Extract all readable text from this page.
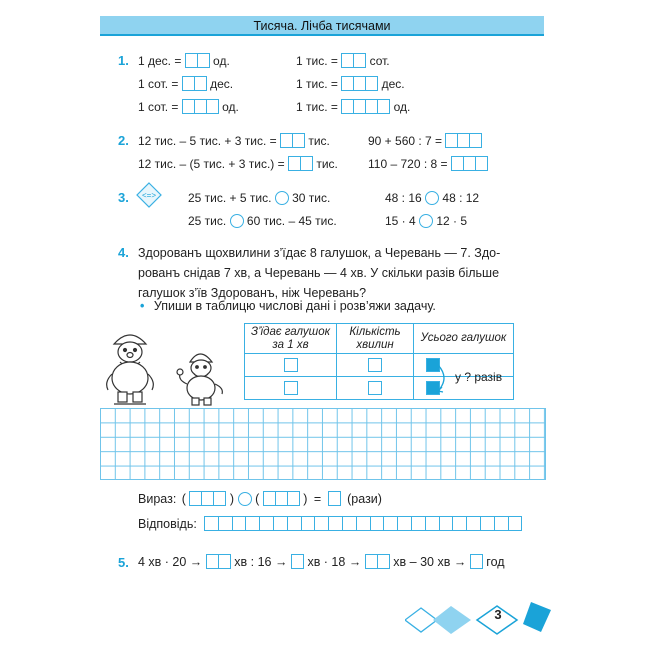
Тисяча. Лічба тисячами
1. 1 дес. =	од.	1 тис. =	сот.
1 сот. =	дес.	1 тис. =	дес.
1 сот. =	од.	1 тис. =	од.
2. 12 тис. – 5 тис. + 3 тис. =	тис.	90 + 560 : 7 =
12 тис. – (5 тис. + 3 тис.) =	тис.	110 – 720 : 8 =
3. <=>	25 тис. + 5 тис. 30 тис.	48 : 16 48 : 12
25 тис. 60 тис. – 45 тис.	15 · 4 12 · 5
4. Здорованъ щохвилини з’їдає 8 галушок, а Черевань — 7. Здо-
рованъ снідав 7 хв, а Черевань — 4 хв. У скільки разів більше
галушок з’їв Здорованъ, ніж Черевань?
• Упиши в таблицю числові дані і розв’яжи задачу.
З’їдає галушок за 1 хв	Кількість хвилин	Усього галушок

у ? разів
Вираз: (	) (	) = (рази)
Відповідь:
5. 4 хв · 20 →	хв : 16 → хв · 18 →	хв – 30 хв → год
3
